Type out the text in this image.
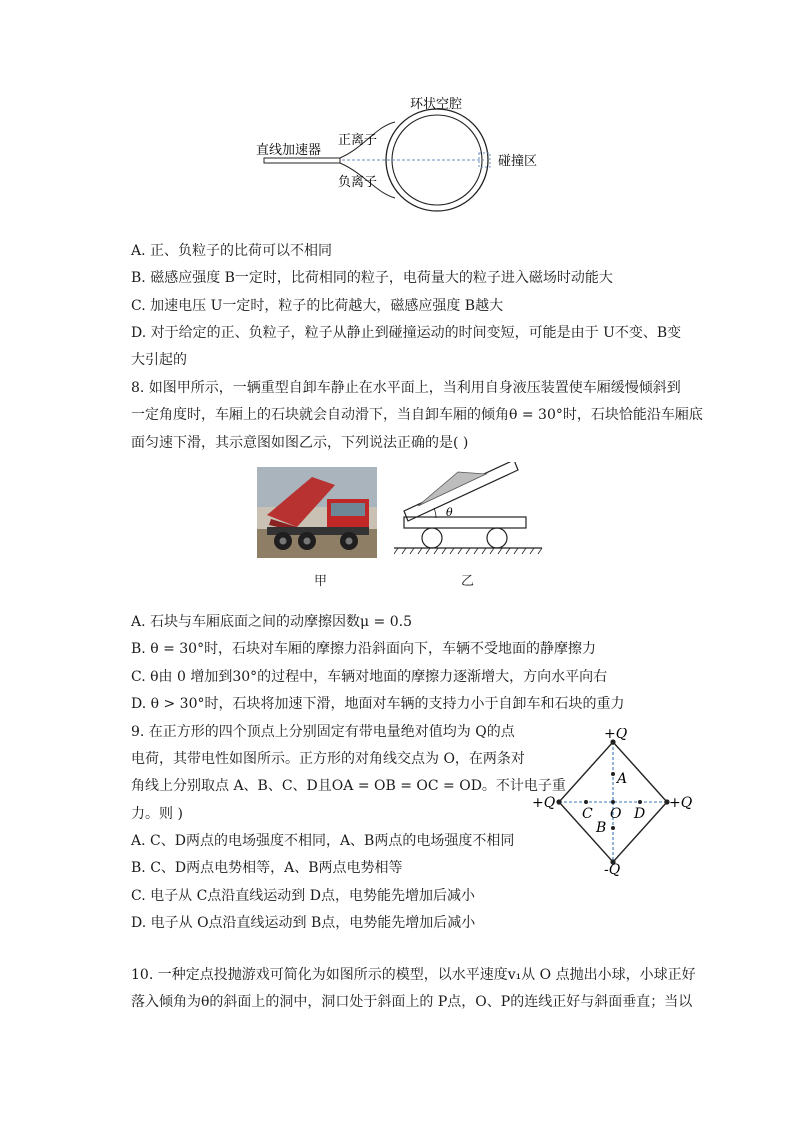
环状空腔
直线加速器
正离子
负离子
碰撞区
A. 正、负粒子的比荷可以不相同
B. 磁感应强度 B一定时，比荷相同的粒子，电荷量大的粒子进入磁场时动能大
C. 加速电压 U一定时，粒子的比荷越大，磁感应强度 B越大
D. 对于给定的正、负粒子，粒子从静止到碰撞运动的时间变短，可能是由于 U不变、B变
大引起的
8. 如图甲所示，一辆重型自卸车静止在水平面上，当利用自身液压装置使车厢缓慢倾斜到
一定角度时，车厢上的石块就会自动滑下，当自卸车厢的倾角θ = 30°时，石块恰能沿车厢底
面匀速下滑，其示意图如图乙示，下列说法正确的是( )
甲
θ
乙
A. 石块与车厢底面之间的动摩擦因数μ = 0.5
B. θ = 30°时，石块对车厢的摩擦力沿斜面向下，车辆不受地面的静摩擦力
C. θ由 0 增加到30°的过程中，车辆对地面的摩擦力逐渐增大，方向水平向右
D. θ > 30°时，石块将加速下滑，地面对车辆的支持力小于自卸车和石块的重力
9. 在正方形的四个顶点上分别固定有带电量绝对值均为 Q的点
电荷，其带电性如图所示。正方形的对角线交点为 O，在两条对
角线上分别取点 A、B、C、D且OA = OB = OC = OD。不计电子重
力。则 )
A. C、D两点的电场强度不相同，A、B两点的电场强度不相同
B. C、D两点电势相等，A、B两点电势相等
C. 电子从 C点沿直线运动到 D点，电势能先增加后减小
D. 电子从 O点沿直线运动到 B点，电势能先增加后减小
+Q
+Q	+Q
-Q
A
B
C	D
O
10. 一种定点投抛游戏可简化为如图所示的模型，以水平速度v₁从 O 点抛出小球，小球正好
落入倾角为θ的斜面上的洞中，洞口处于斜面上的 P点，O、P的连线正好与斜面垂直；当以
